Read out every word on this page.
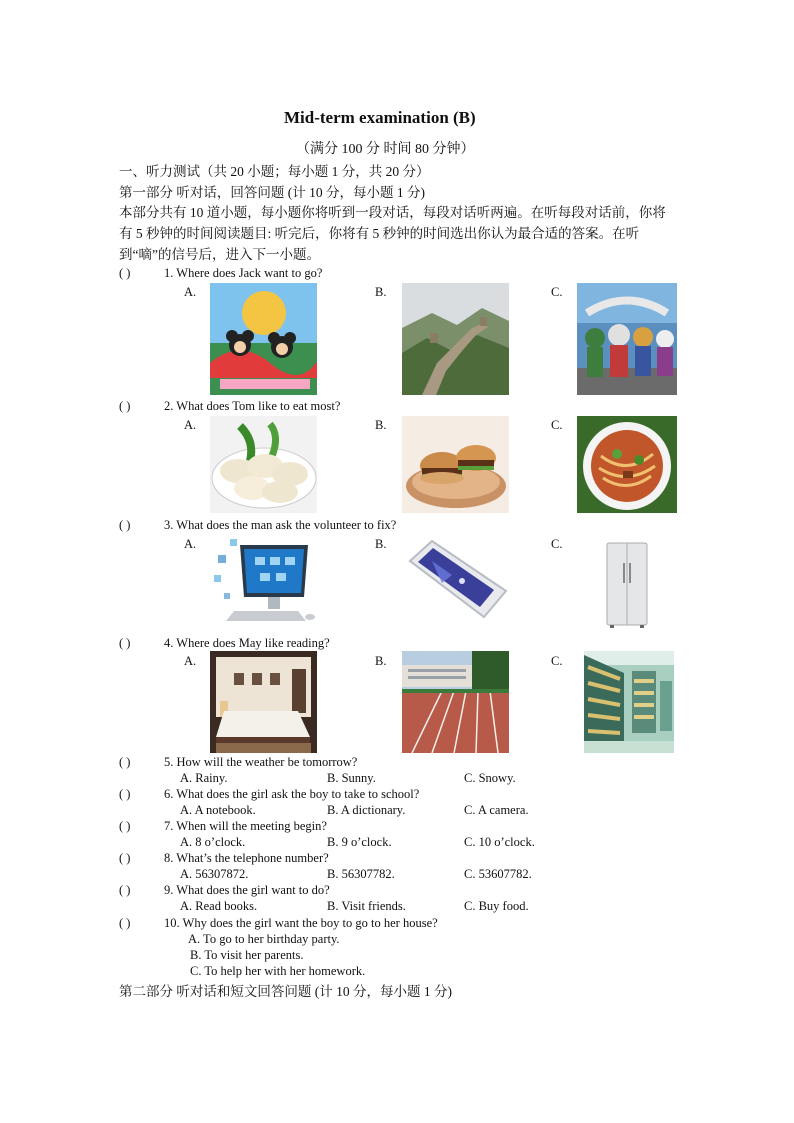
Mid-term examination (B)
（满分 100 分 时间 80 分钟）
一、听力测试（共 20 小题；每小题 1 分，共 20 分）
第一部分 听对话，回答问题 (计 10 分，每小题 1 分)
本部分共有 10 道小题，每小题你将听到一段对话，每段对话听两遍。在听每段对话前，你将有 5 秒钟的时间阅读题目: 听完后，你将有 5 秒钟的时间选出你认为最合适的答案。在听到“嘀”的信号后，进入下一小题。
( )	1. Where does Jack want to go?
A.	B.	C.
( )	2. What does Tom like to eat most?
A.	B.	C.
( )	3. What does the man ask the volunteer to fix?
A.	B.	C.
( )	4. Where does May like reading?
A.	B.	C.
( )	5. How will the weather be tomorrow?
A. Rainy.	B. Sunny.	C. Snowy.
( )	6. What does the girl ask the boy to take to school?
A. A notebook.	B. A dictionary.	C. A camera.
( )	7. When will the meeting begin?
A. 8 o’clock.	B. 9 o’clock.	C. 10 o’clock.
( )	8. What’s the telephone number?
A. 56307872.	B. 56307782.	C. 53607782.
( )	9. What does the girl want to do?
A. Read books.	B. Visit friends.	C. Buy food.
( )	10. Why does the girl want the boy to go to her house?
A. To go to her birthday party.
B. To visit her parents.
C. To help her with her homework.
第二部分 听对话和短文回答问题 (计 10 分，每小题 1 分)
